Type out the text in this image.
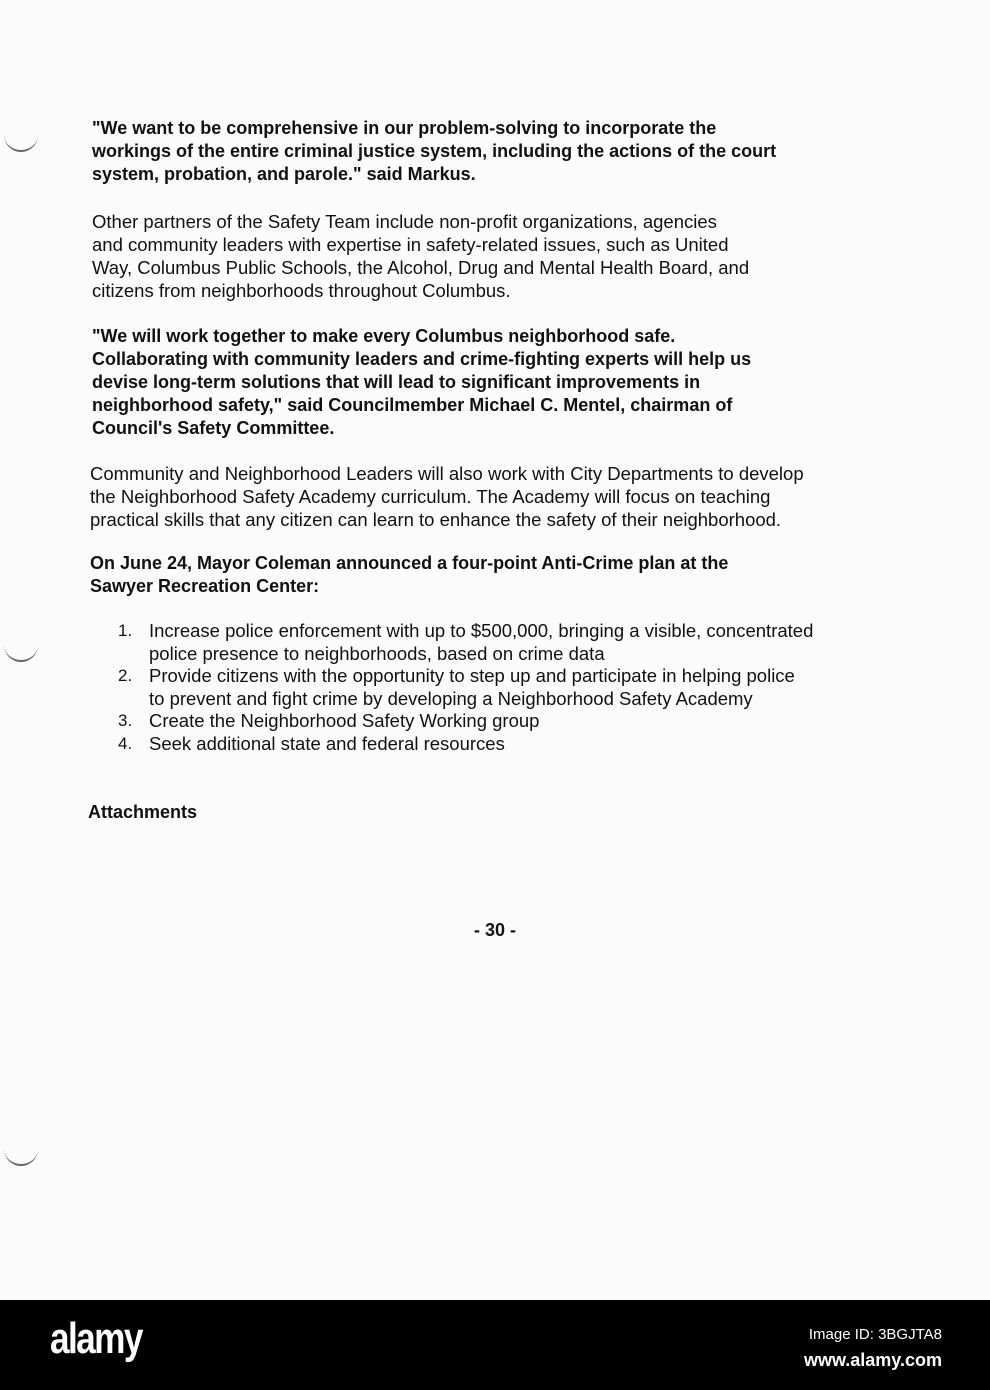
"We want to be comprehensive in our problem-solving to incorporate the
workings of the entire criminal justice system, including the actions of the court
system, probation, and parole." said Markus.
Other partners of the Safety Team include non-profit organizations, agencies
and community leaders with expertise in safety-related issues, such as United
Way, Columbus Public Schools, the Alcohol, Drug and Mental Health Board, and
citizens from neighborhoods throughout Columbus.
"We will work together to make every Columbus neighborhood safe.
Collaborating with community leaders and crime-fighting experts will help us
devise long-term solutions that will lead to significant improvements in
neighborhood safety," said Councilmember Michael C. Mentel, chairman of
Council's Safety Committee.
Community and Neighborhood Leaders will also work with City Departments to develop
the Neighborhood Safety Academy curriculum. The Academy will focus on teaching
practical skills that any citizen can learn to enhance the safety of their neighborhood.
On June 24, Mayor Coleman announced a four-point Anti-Crime plan at the
Sawyer Recreation Center:
1. Increase police enforcement with up to $500,000, bringing a visible, concentrated
police presence to neighborhoods, based on crime data
2. Provide citizens with the opportunity to step up and participate in helping police
to prevent and fight crime by developing a Neighborhood Safety Academy
3. Create the Neighborhood Safety Working group
4. Seek additional state and federal resources
Attachments
- 30 -
alamy	Image ID: 3BGJTA8
www.alamy.com
